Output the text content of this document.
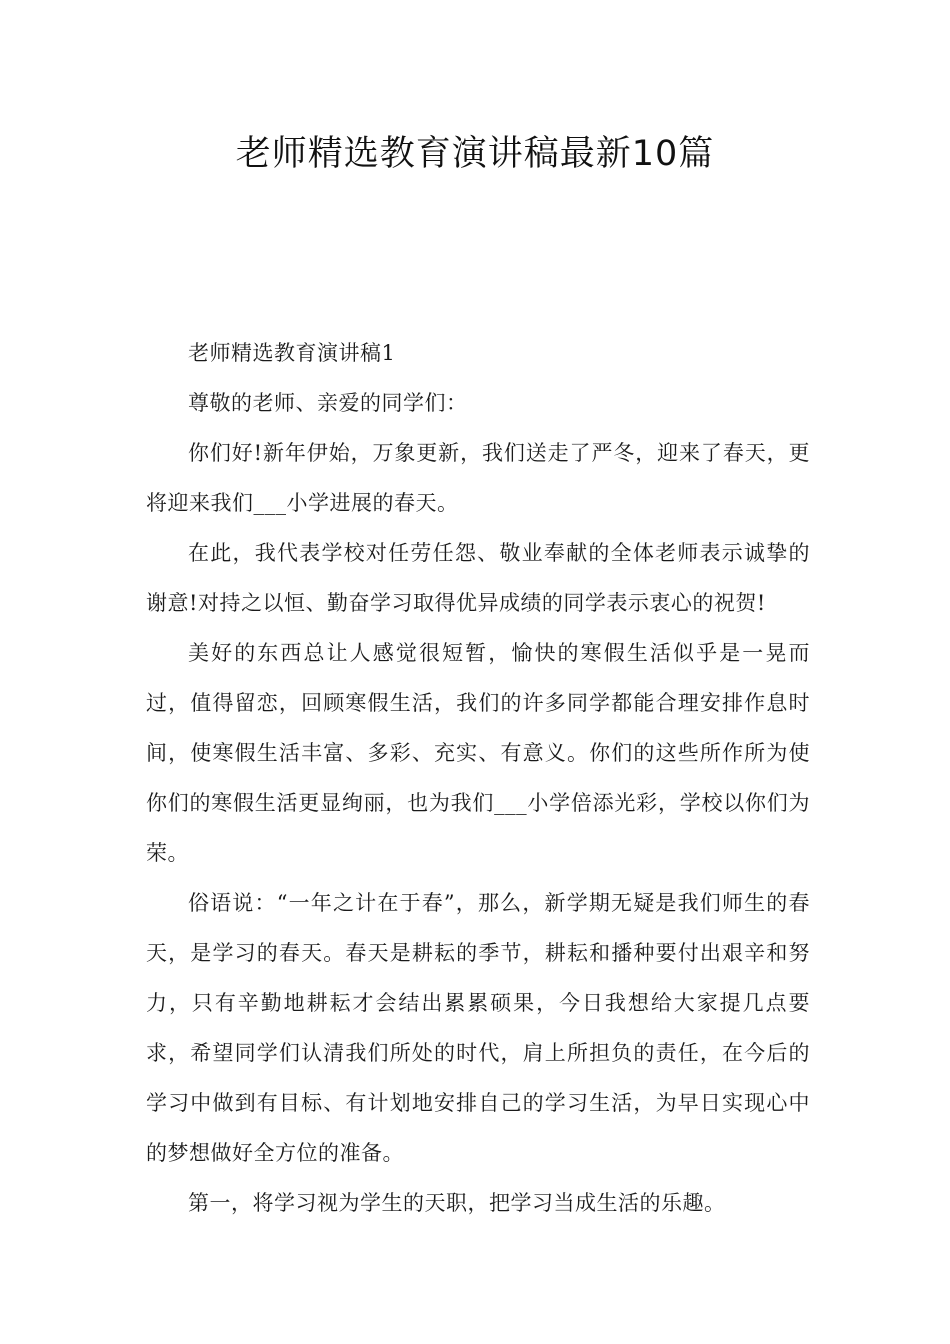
老师精选教育演讲稿最新10篇

老师精选教育演讲稿1

尊敬的老师、亲爱的同学们：

你们好!新年伊始，万象更新，我们送走了严冬，迎来了春天，更将迎来我们___小学进展的春天。

在此，我代表学校对任劳任怨、敬业奉献的全体老师表示诚挚的谢意!对持之以恒、勤奋学习取得优异成绩的同学表示衷心的祝贺!

美好的东西总让人感觉很短暂，愉快的寒假生活似乎是一晃而过，值得留恋，回顾寒假生活，我们的许多同学都能合理安排作息时间，使寒假生活丰富、多彩、充实、有意义。你们的这些所作所为使你们的寒假生活更显绚丽，也为我们___小学倍添光彩，学校以你们为荣。

俗语说：“一年之计在于春”，那么，新学期无疑是我们师生的春天，是学习的春天。春天是耕耘的季节，耕耘和播种要付出艰辛和努力，只有辛勤地耕耘才会结出累累硕果，今日我想给大家提几点要求，希望同学们认清我们所处的时代，肩上所担负的责任，在今后的学习中做到有目标、有计划地安排自己的学习生活，为早日实现心中的梦想做好全方位的准备。

第一，将学习视为学生的天职，把学习当成生活的乐趣。
